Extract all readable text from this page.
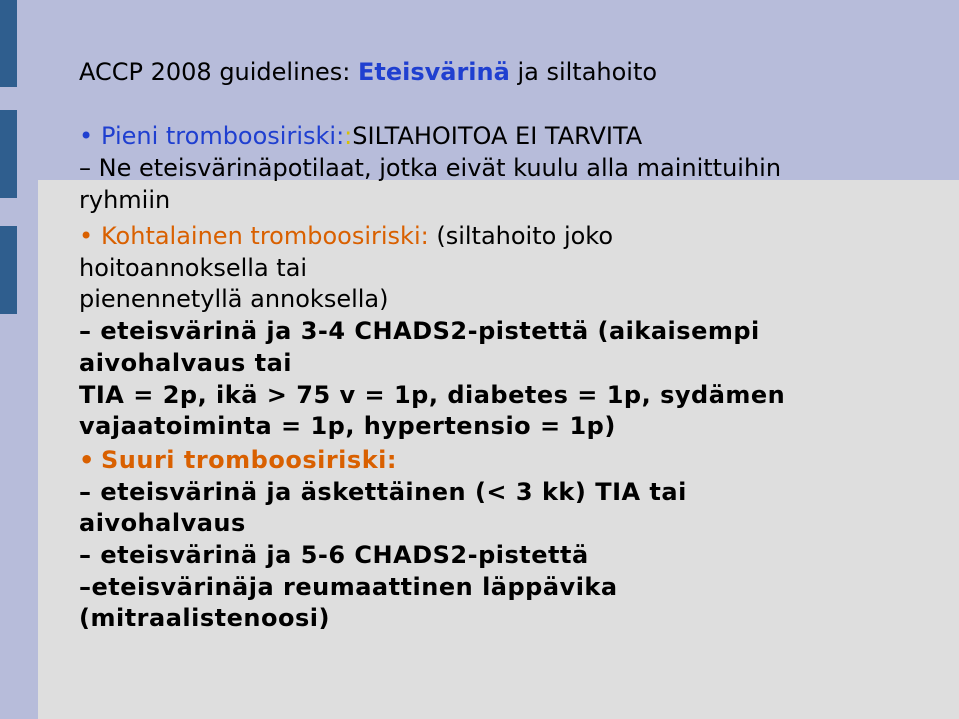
ACCP 2008 guidelines: Eteisvärinä ja siltahoito
• Pieni tromboosiriski::SILTAHOITOA EI TARVITA
– Ne eteisvärinäpotilaat, jotka eivät kuulu alla mainittuihin
ryhmiin
• Kohtalainen tromboosiriski: (siltahoito joko
hoitoannoksella tai
pienennetyllä annoksella)
– eteisvärinä ja 3-4 CHADS2-pistettä (aikaisempi
aivohalvaus tai
TIA = 2p, ikä > 75 v = 1p, diabetes = 1p, sydämen
vajaatoiminta = 1p, hypertensio = 1p)
• Suuri tromboosiriski:
– eteisvärinä ja äskettäinen (< 3 kk) TIA tai
aivohalvaus
– eteisvärinä ja 5-6 CHADS2-pistettä
–eteisvärinäja reumaattinen läppävika
(mitraalistenoosi)
